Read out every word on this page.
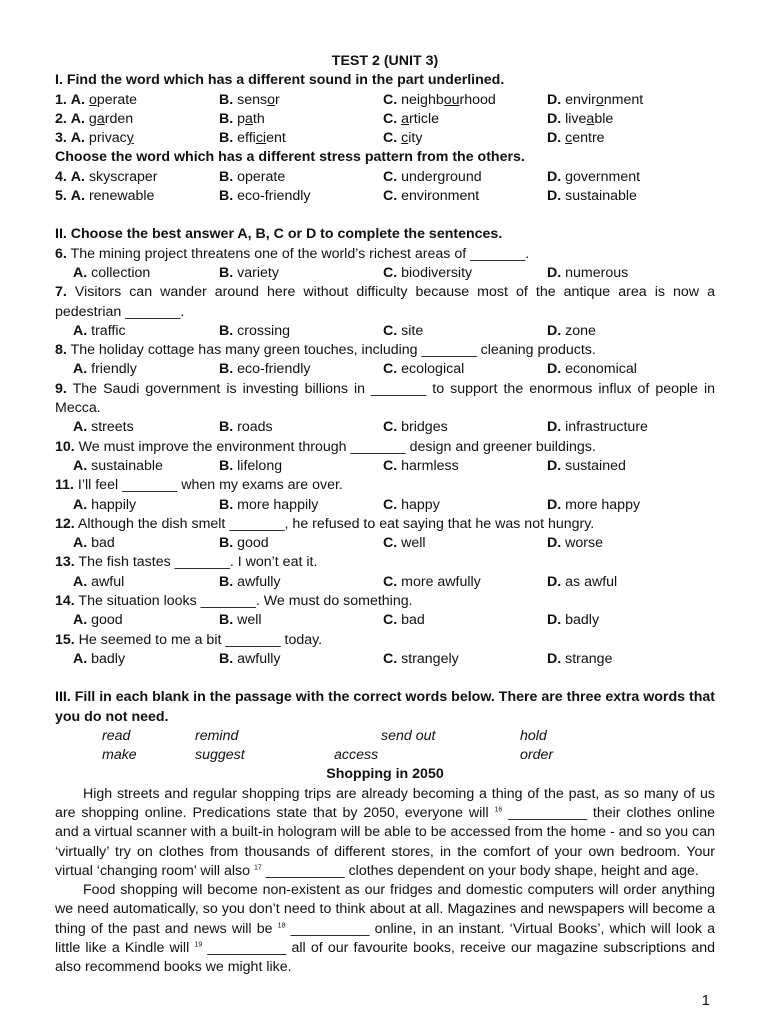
TEST 2 (UNIT 3)
I. Find the word which has a different sound in the part underlined.
1. A. operate	B. sensor	C. neighbourhood	D. environment
2. A. garden	B. path	C. article	D. liveable
3. A. privacy	B. efficient	C. city	D. centre
Choose the word which has a different stress pattern from the others.
4. A. skyscraper	B. operate	C. underground	D. government
5. A. renewable	B. eco-friendly	C. environment	D. sustainable
II. Choose the best answer A, B, C or D to complete the sentences.
6. The mining project threatens one of the world’s richest areas of _______.
A. collection	B. variety	C. biodiversity	D. numerous
7. Visitors can wander around here without difficulty because most of the antique area is now a pedestrian _______.
A. traffic	B. crossing	C. site	D. zone
8. The holiday cottage has many green touches, including _______ cleaning products.
A. friendly	B. eco-friendly	C. ecological	D. economical
9. The Saudi government is investing billions in _______ to support the enormous influx of people in Mecca.
A. streets	B. roads	C. bridges	D. infrastructure
10. We must improve the environment through _______ design and greener buildings.
A. sustainable	B. lifelong	C. harmless	D. sustained
11. I’ll feel _______ when my exams are over.
A. happily	B. more happily	C. happy	D. more happy
12. Although the dish smelt _______, he refused to eat saying that he was not hungry.
A. bad	B. good	C. well	D. worse
13. The fish tastes _______. I won’t eat it.
A. awful	B. awfully	C. more awfully	D. as awful
14. The situation looks _______. We must do something.
A. good	B. well	C. bad	D. badly
15. He seemed to me a bit _______ today.
A. badly	B. awfully	C. strangely	D. strange
III. Fill in each blank in the passage with the correct words below. There are three extra words that you do not need.
read	remind	send out	hold
make	suggest	access	order
Shopping in 2050

High streets and regular shopping trips are already becoming a thing of the past, as so many of us are shopping online. Predications state that by 2050, everyone will $^{16}$ __________ their clothes online and a virtual scanner with a built-in hologram will be able to be accessed from the home - and so you can ‘virtually’ try on clothes from thousands of different stores, in the comfort of your own bedroom. Your virtual ‘changing room’ will also $^{17}$ __________ clothes dependent on your body shape, height and age.

Food shopping will become non-existent as our fridges and domestic computers will order anything we need automatically, so you don’t need to think about at all. Magazines and newspapers will become a thing of the past and news will be $^{18}$ __________ online, in an instant. ‘Virtual Books’, which will look a little like a Kindle will $^{19}$ __________ all of our favourite books, receive our magazine subscriptions and also recommend books we might like.

1
